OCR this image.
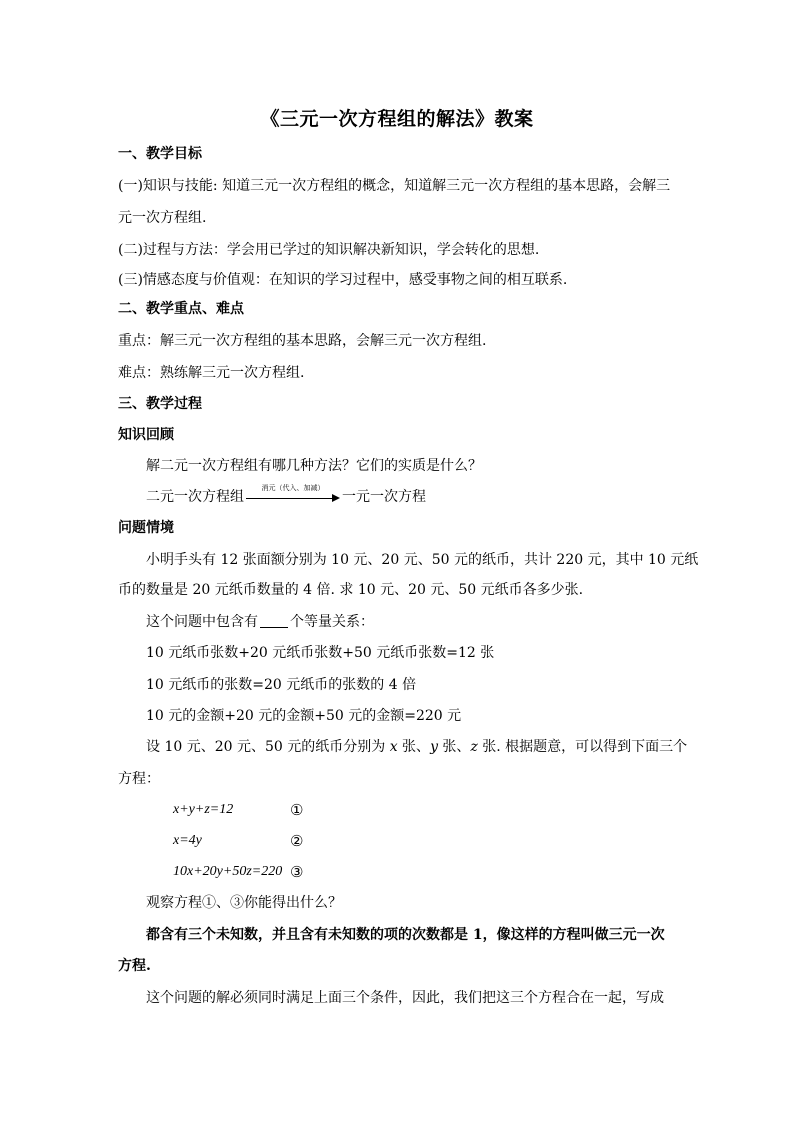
《三元一次方程组的解法》教案
一、教学目标
(一)知识与技能: 知道三元一次方程组的概念，知道解三元一次方程组的基本思路，会解三
元一次方程组.
(二)过程与方法：学会用已学过的知识解决新知识，学会转化的思想.
(三)情感态度与价值观：在知识的学习过程中，感受事物之间的相互联系.
二、教学重点、难点
重点：解三元一次方程组的基本思路，会解三元一次方程组.
难点：熟练解三元一次方程组.
三、教学过程
知识回顾
解二元一次方程组有哪几种方法？它们的实质是什么？
二元一次方程组
消元（代入、加减）
一元一次方程
问题情境
小明手头有 12 张面额分别为 10 元、20 元、50 元的纸币，共计 220 元，其中 10 元纸
币的数量是 20 元纸币数量的 4 倍. 求 10 元、20 元、50 元纸币各多少张.
这个问题中包含有 个等量关系：
10 元纸币张数+20 元纸币张数+50 元纸币张数=12 张
10 元纸币的张数=20 元纸币的张数的 4 倍
10 元的金额+20 元的金额+50 元的金额=220 元
设 10 元、20 元、50 元的纸币分别为 x 张、y 张、z 张. 根据题意，可以得到下面三个
方程：
x+y+z=12	①
x=4y	②
10x+20y+50z=220 ③
观察方程①、③你能得出什么？
都含有三个未知数，并且含有未知数的项的次数都是 1，像这样的方程叫做三元一次
方程.
这个问题的解必须同时满足上面三个条件，因此，我们把这三个方程合在一起，写成
